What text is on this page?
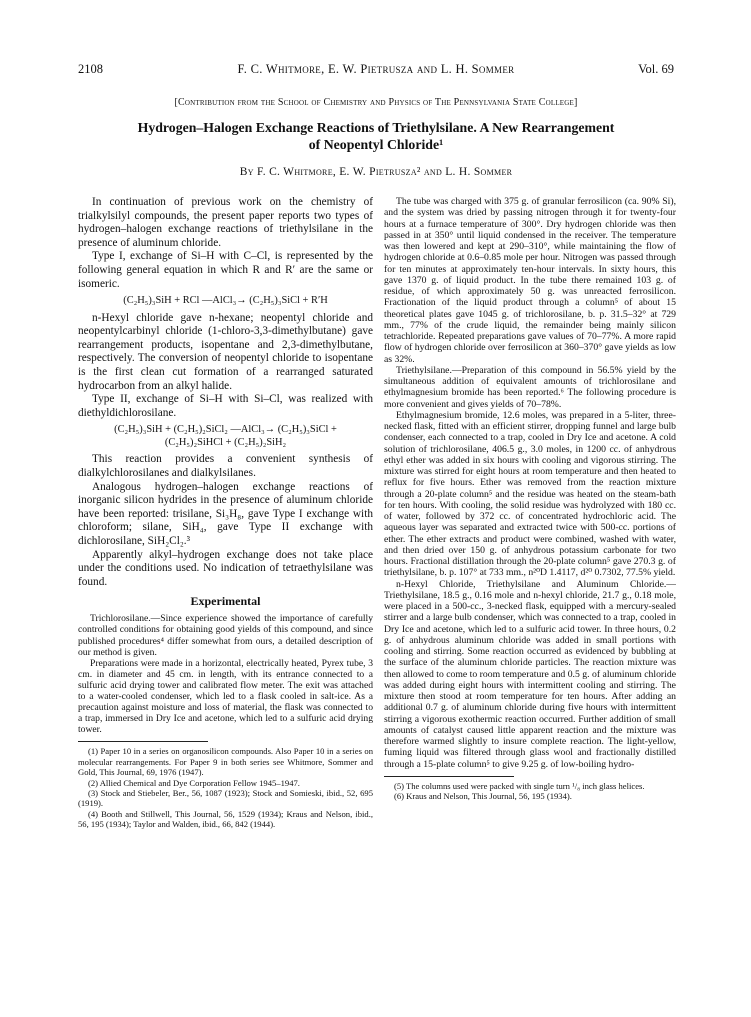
2108	F. C. Whitmore, E. W. Pietrusza and L. H. Sommer	Vol. 69
[Contribution from the School of Chemistry and Physics of The Pennsylvania State College]
Hydrogen–Halogen Exchange Reactions of Triethylsilane. A New Rearrangement
of Neopentyl Chloride¹
By F. C. Whitmore, E. W. Pietrusza² and L. H. Sommer

In continuation of previous work on the chemistry of trialkylsilyl compounds, the present paper reports two types of hydrogen–halogen exchange reactions of triethylsilane in the presence of aluminum chloride.

Type I, exchange of Si–H with C–Cl, is represented by the following general equation in which R and R′ are the same or isomeric.

(C₂H₅)₃SiH + RCl —AlCl₃→ (C₂H₅)₃SiCl + R′H

n-Hexyl chloride gave n-hexane; neopentyl chloride and neopentylcarbinyl chloride (1-chloro-3,3-dimethylbutane) gave rearrangement products, isopentane and 2,3-dimethylbutane, respectively. The conversion of neopentyl chloride to isopentane is the first clean cut formation of a rearranged saturated hydrocarbon from an alkyl halide.

Type II, exchange of Si–H with Si–Cl, was realized with diethyldichlorosilane.

(C₂H₅)₃SiH + (C₂H₅)₂SiCl₂ —AlCl₃→ (C₂H₅)₃SiCl +
(C₂H₅)₂SiHCl + (C₂H₅)₂SiH₂

This reaction provides a convenient synthesis of dialkylchlorosilanes and dialkylsilanes.

Analogous hydrogen–halogen exchange reactions of inorganic silicon hydrides in the presence of aluminum chloride have been reported: trisilane, Si₃H₈, gave Type I exchange with chloroform; silane, SiH₄, gave Type II exchange with dichlorosilane, SiH₂Cl₂.³

Apparently alkyl–hydrogen exchange does not take place under the conditions used. No indication of tetraethylsilane was found.

Experimental

Trichlorosilane.—Since experience showed the importance of carefully controlled conditions for obtaining good yields of this compound, and since published procedures⁴ differ somewhat from ours, a detailed description of our method is given.

Preparations were made in a horizontal, electrically heated, Pyrex tube, 3 cm. in diameter and 45 cm. in length, with its entrance connected to a sulfuric acid drying tower and calibrated flow meter. The exit was attached to a water-cooled condenser, which led to a flask cooled in salt-ice. As a precaution against moisture and loss of material, the flask was connected to a trap, immersed in Dry Ice and acetone, which led to a sulfuric acid drying tower.

(1) Paper 10 in a series on organosilicon compounds. Also Paper 10 in a series on molecular rearrangements. For Paper 9 in both series see Whitmore, Sommer and Gold, This Journal, 69, 1976 (1947).

(2) Allied Chemical and Dye Corporation Fellow 1945–1947.

(3) Stock and Stiebeler, Ber., 56, 1087 (1923); Stock and Somieski, ibid., 52, 695 (1919).

(4) Booth and Stillwell, This Journal, 56, 1529 (1934); Kraus and Nelson, ibid., 56, 195 (1934); Taylor and Walden, ibid., 66, 842 (1944).

The tube was charged with 375 g. of granular ferrosilicon (ca. 90% Si), and the system was dried by passing nitrogen through it for twenty-four hours at a furnace temperature of 300°. Dry hydrogen chloride was then passed in at 350° until liquid condensed in the receiver. The temperature was then lowered and kept at 290–310°, while maintaining the flow of hydrogen chloride at 0.6–0.85 mole per hour. Nitrogen was passed through for ten minutes at approximately ten-hour intervals. In sixty hours, this gave 1370 g. of liquid product. In the tube there remained 103 g. of residue, of which approximately 50 g. was unreacted ferrosilicon. Fractionation of the liquid product through a column⁵ of about 15 theoretical plates gave 1045 g. of trichlorosilane, b. p. 31.5–32° at 729 mm., 77% of the crude liquid, the remainder being mainly silicon tetrachloride. Repeated preparations gave values of 70–77%. A more rapid flow of hydrogen chloride over ferrosilicon at 360–370° gave yields as low as 32%.

Triethylsilane.—Preparation of this compound in 56.5% yield by the simultaneous addition of equivalent amounts of trichlorosilane and ethylmagnesium bromide has been reported.⁶ The following procedure is more convenient and gives yields of 70–78%.

Ethylmagnesium bromide, 12.6 moles, was prepared in a 5-liter, three-necked flask, fitted with an efficient stirrer, dropping funnel and large bulb condenser, each connected to a trap, cooled in Dry Ice and acetone. A cold solution of trichlorosilane, 406.5 g., 3.0 moles, in 1200 cc. of anhydrous ethyl ether was added in six hours with cooling and vigorous stirring. The mixture was stirred for eight hours at room temperature and then heated to reflux for five hours. Ether was removed from the reaction mixture through a 20-plate column⁵ and the residue was heated on the steam-bath for ten hours. With cooling, the solid residue was hydrolyzed with 180 cc. of water, followed by 372 cc. of concentrated hydrochloric acid. The aqueous layer was separated and extracted twice with 500-cc. portions of ether. The ether extracts and product were combined, washed with water, and then dried over 150 g. of anhydrous potassium carbonate for two hours. Fractional distillation through the 20-plate column⁵ gave 270.3 g. of triethylsilane, b. p. 107° at 733 mm., n²⁰D 1.4117, d²⁰ 0.7302, 77.5% yield.

n-Hexyl Chloride, Triethylsilane and Aluminum Chloride.—Triethylsilane, 18.5 g., 0.16 mole and n-hexyl chloride, 21.7 g., 0.18 mole, were placed in a 500-cc., 3-necked flask, equipped with a mercury-sealed stirrer and a large bulb condenser, which was connected to a trap, cooled in Dry Ice and acetone, which led to a sulfuric acid tower. In three hours, 0.2 g. of anhydrous aluminum chloride was added in small portions with cooling and stirring. Some reaction occurred as evidenced by bubbling at the surface of the aluminum chloride particles. The reaction mixture was then allowed to come to room temperature and 0.5 g. of aluminum chloride was added during eight hours with intermittent cooling and stirring. The mixture then stood at room temperature for ten hours. After adding an additional 0.7 g. of aluminum chloride during five hours with intermittent stirring a vigorous exothermic reaction occurred. Further addition of small amounts of catalyst caused little apparent reaction and the mixture was therefore warmed slightly to insure complete reaction. The light-yellow, fuming liquid was filtered through glass wool and fractionally distilled through a 15-plate column⁵ to give 9.25 g. of low-boiling hydro-

(5) The columns used were packed with single turn ¹/₈ inch glass helices.

(6) Kraus and Nelson, This Journal, 56, 195 (1934).
